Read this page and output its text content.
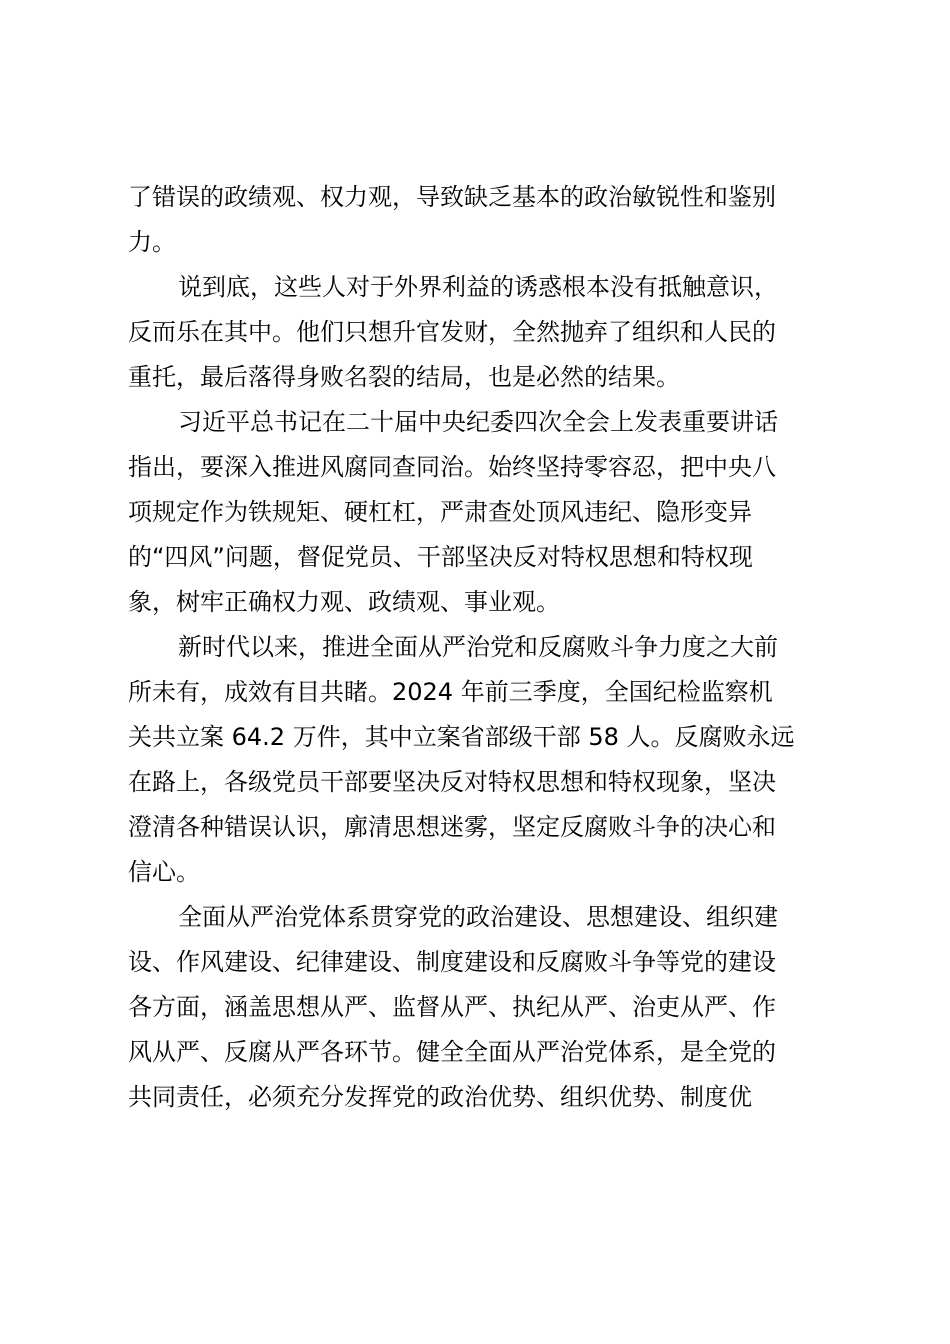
了错误的政绩观、权力观，导致缺乏基本的政治敏锐性和鉴别
力。
说到底，这些人对于外界利益的诱惑根本没有抵触意识，
反而乐在其中。他们只想升官发财，全然抛弃了组织和人民的
重托，最后落得身败名裂的结局，也是必然的结果。
习近平总书记在二十届中央纪委四次全会上发表重要讲话
指出，要深入推进风腐同查同治。始终坚持零容忍，把中央八
项规定作为铁规矩、硬杠杠，严肃查处顶风违纪、隐形变异
的“四风”问题，督促党员、干部坚决反对特权思想和特权现
象，树牢正确权力观、政绩观、事业观。
新时代以来，推进全面从严治党和反腐败斗争力度之大前
所未有，成效有目共睹。2024 年前三季度，全国纪检监察机
关共立案 64.2 万件，其中立案省部级干部 58 人。反腐败永远
在路上，各级党员干部要坚决反对特权思想和特权现象，坚决
澄清各种错误认识，廓清思想迷雾，坚定反腐败斗争的决心和
信心。
全面从严治党体系贯穿党的政治建设、思想建设、组织建
设、作风建设、纪律建设、制度建设和反腐败斗争等党的建设
各方面，涵盖思想从严、监督从严、执纪从严、治吏从严、作
风从严、反腐从严各环节。健全全面从严治党体系，是全党的
共同责任，必须充分发挥党的政治优势、组织优势、制度优
